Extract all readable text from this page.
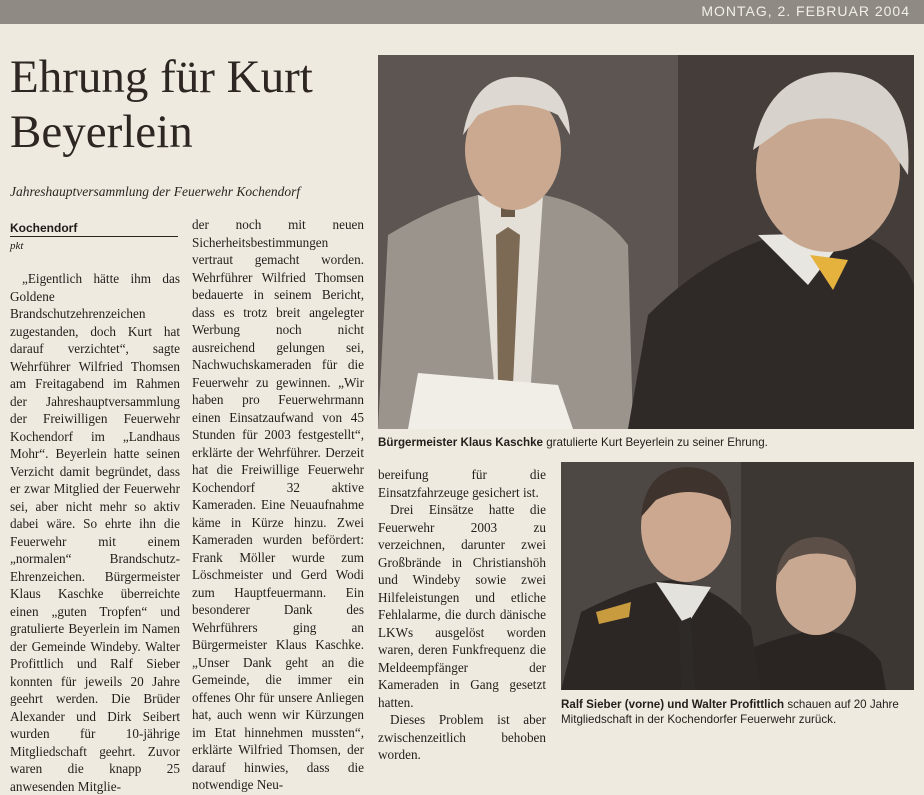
MONTAG, 2. FEBRUAR 2004
Ehrung für Kurt Beyerlein
Jahreshauptversammlung der Feuerwehr Kochendorf
Kochendorf
pkt

„Eigentlich hätte ihm das Goldene Brandschutzehrenzeichen zugestanden, doch Kurt hat darauf verzichtet“, sagte Wehrführer Wilfried Thomsen am Freitagabend im Rahmen der Jahreshauptversammlung der Freiwilligen Feuerwehr Kochendorf im „Landhaus Mohr“. Beyerlein hatte seinen Verzicht damit begründet, dass er zwar Mitglied der Feuerwehr sei, aber nicht mehr so aktiv dabei wäre. So ehrte ihn die Feuerwehr mit einem „normalen“ Brandschutz-Ehrenzeichen. Bürgermeister Klaus Kaschke überreichte einen „guten Tropfen“ und gratulierte Beyerlein im Namen der Gemeinde Windeby. Walter Profittlich und Ralf Sieber konnten für jeweils 20 Jahre geehrt werden. Die Brüder Alexander und Dirk Seibert wurden für 10-jährige Mitgliedschaft geehrt. Zuvor waren die knapp 25 anwesenden Mitglie-

der noch mit neuen Sicherheitsbestimmungen vertraut gemacht worden. Wehrführer Wilfried Thomsen bedauerte in seinem Bericht, dass es trotz breit angelegter Werbung noch nicht ausreichend gelungen sei, Nachwuchskameraden für die Feuerwehr zu gewinnen. „Wir haben pro Feuerwehrmann einen Einsatzaufwand von 45 Stunden für 2003 festgestellt“, erklärte der Wehrführer. Derzeit hat die Freiwillige Feuerwehr Kochendorf 32 aktive Kameraden. Eine Neuaufnahme käme in Kürze hinzu. Zwei Kameraden wurden befördert: Frank Möller wurde zum Löschmeister und Gerd Wodi zum Hauptfeuermann. Ein besonderer Dank des Wehrführers ging an Bürgermeister Klaus Kaschke. „Unser Dank geht an die Gemeinde, die immer ein offenes Ohr für unsere Anliegen hat, auch wenn wir Kürzungen im Etat hinnehmen mussten“, erklärte Wilfried Thomsen, der darauf hinwies, dass die notwendige Neu-

bereifung für die Einsatzfahrzeuge gesichert ist.

Drei Einsätze hatte die Feuerwehr 2003 zu verzeichnen, darunter zwei Großbrände in Christianshöh und Windeby sowie zwei Hilfeleistungen und etliche Fehlalarme, die durch dänische LKWs ausgelöst worden waren, deren Funkfrequenz die Meldeempfänger der Kameraden in Gang gesetzt hatten.

Dieses Problem ist aber zwischenzeitlich behoben worden.

Bürgermeister Klaus Kaschke gratulierte Kurt Beyerlein zu seiner Ehrung.
Ralf Sieber (vorne) und Walter Profittlich schauen auf 20 Jahre Mitgliedschaft in der Kochendorfer Feuerwehr zurück.
